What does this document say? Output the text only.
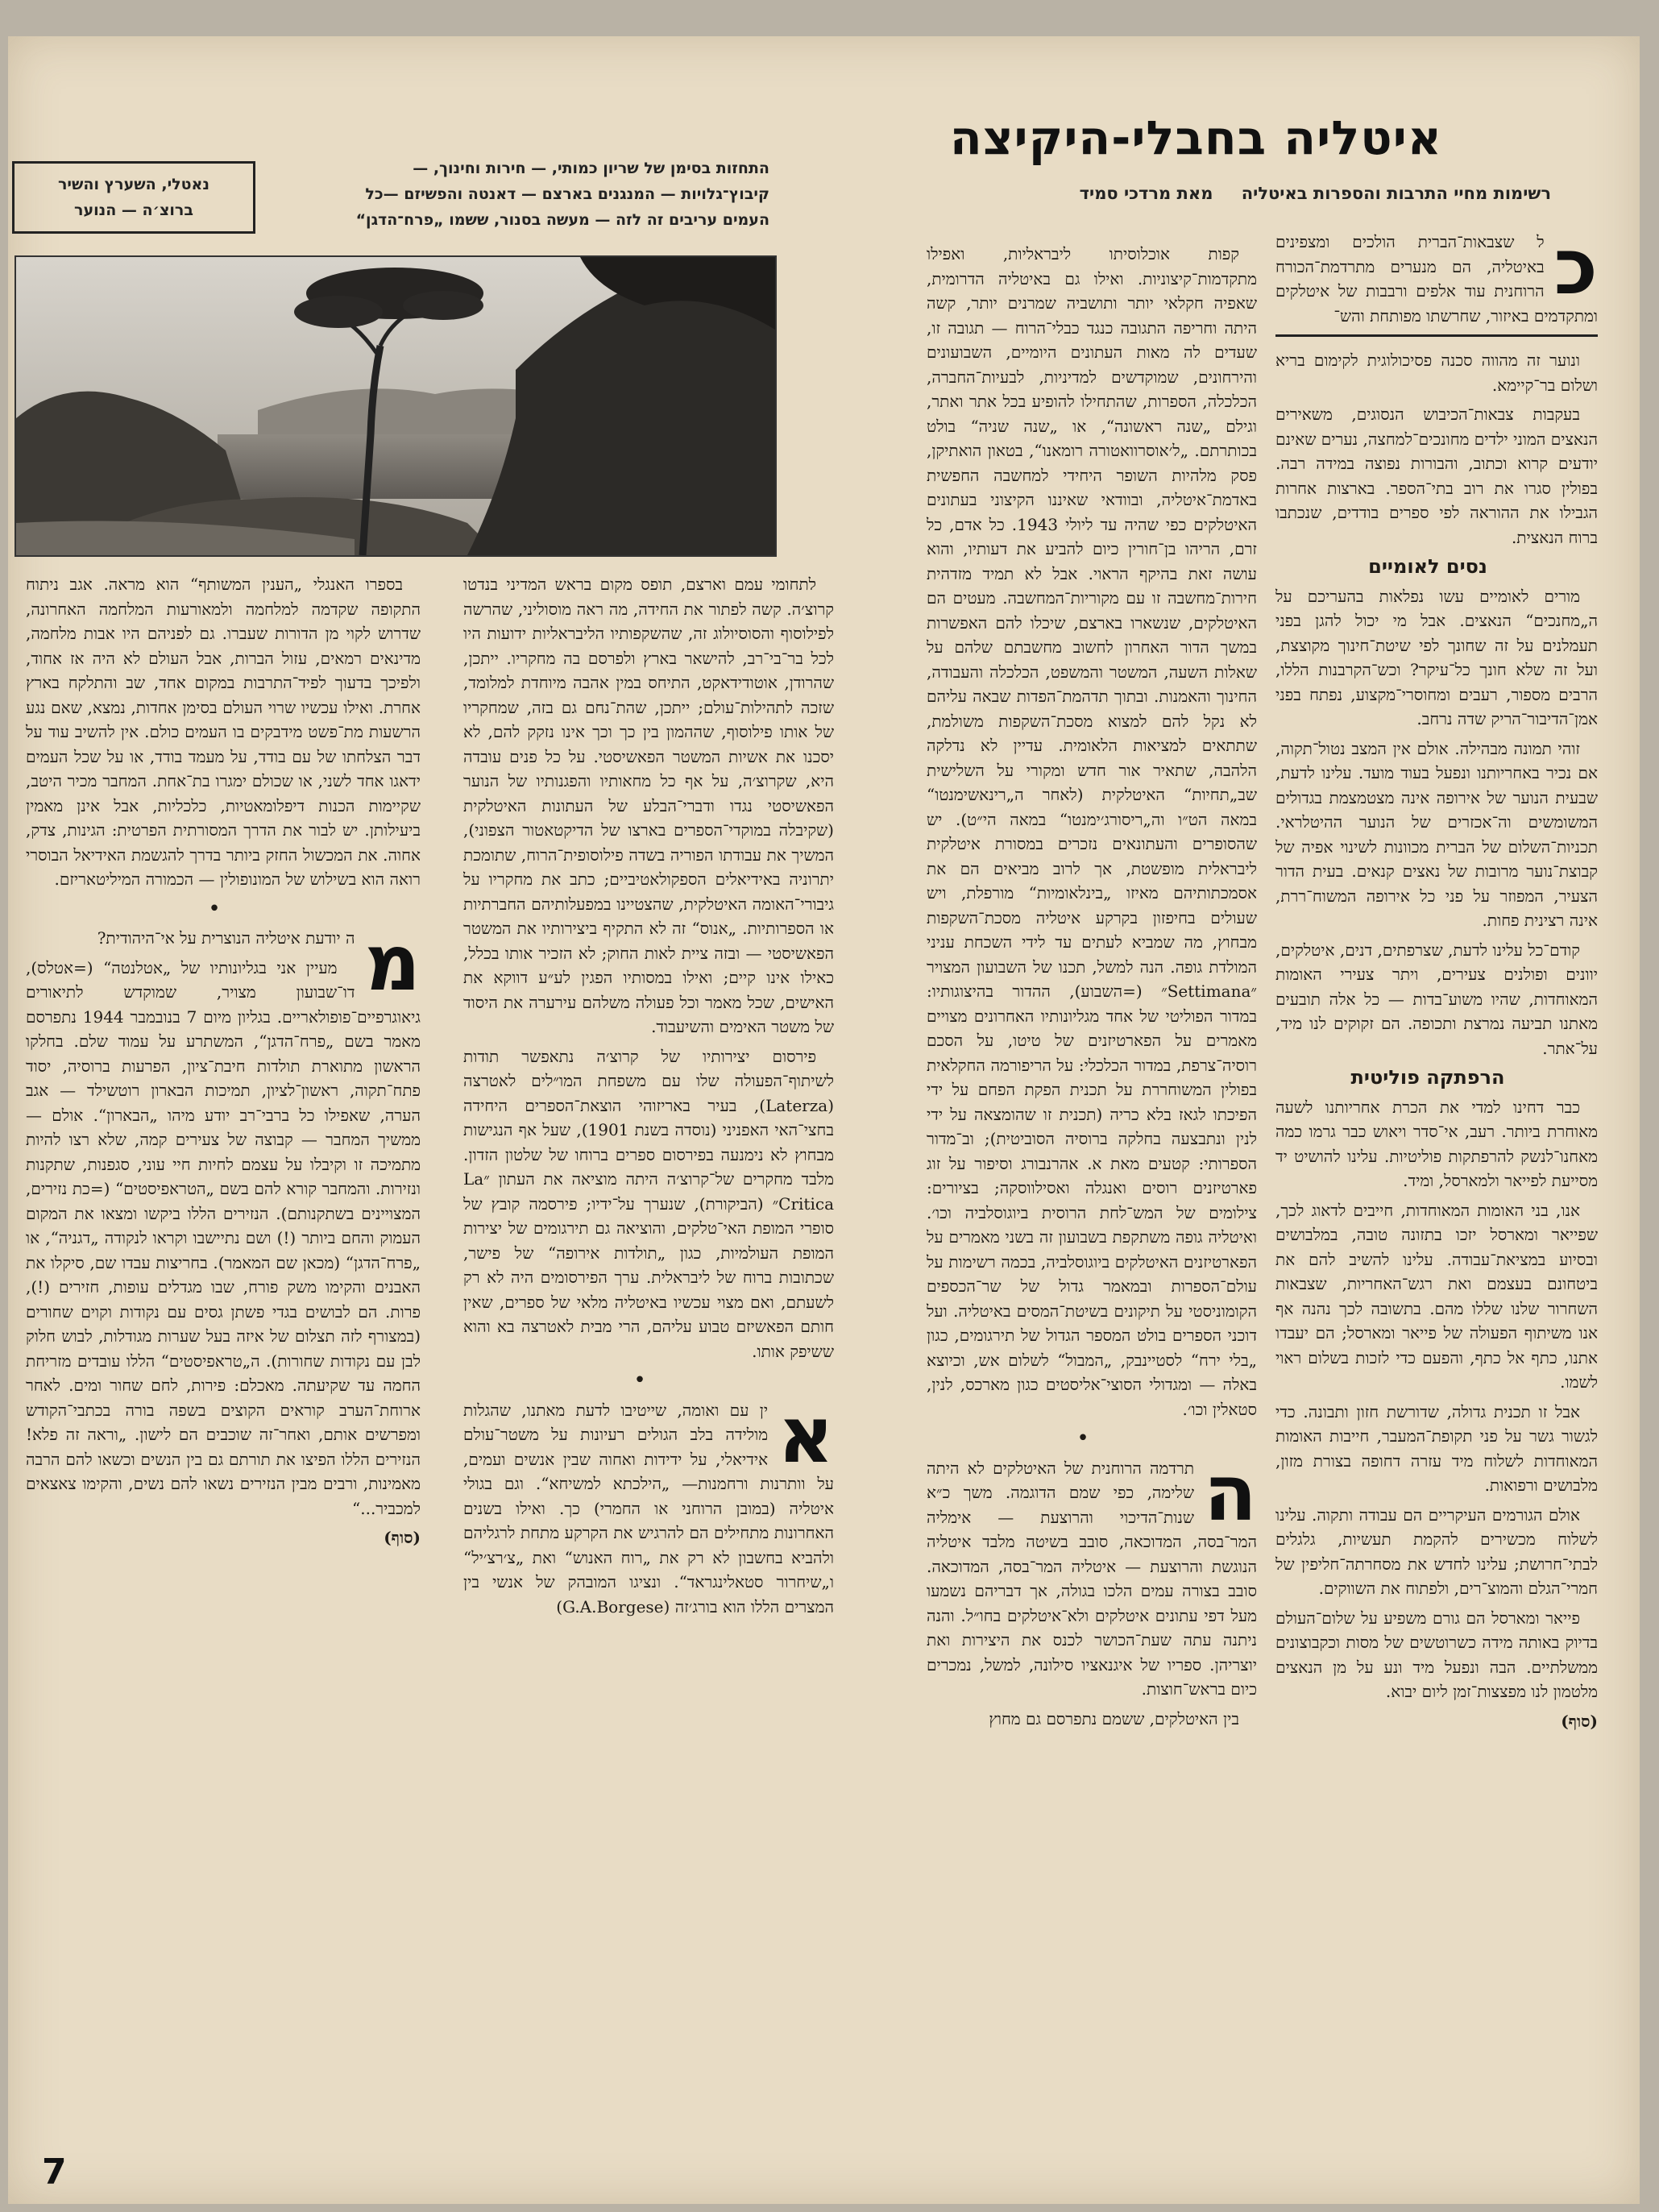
איטליה בחבלי-היקיצה
רשימות מחיי התרבות והספרות באיטליה מאת מרדכי סמיד
התחזות בסימן של שריון כמותי, — חירות וחינוך, —
קיבוץ־גלויות — המנגנים בארצם — דאנטה והפשיזם —כל
העמים עריבים זה לזה — מעשה בסנור, ששמו „פרח־הדגן“
נאטלי, השערץ והשיר
ברוצ׳ה — הנוער

כ
ל שצבאות־הברית הולכים ומצפינים באיטליה, הם מנערים מתרדמת־הכורח הרוחנית עוד אלפים ורבבות של איטלקים ומתקדמים באיזור, שחרשתו מפותחת והש־

ונוער זה מהווה סכנה פסיכולוגית לקימום בריא ושלום בר־קיימא.

בעקבות צבאות־הכיבוש הנסוגים, משאירים הנאצים המוני ילדים מחונכים־למחצה, נערים שאינם יודעים קרוא וכתוב, והבורות נפוצה במידה רבה. בפולין סגרו את רוב בתי־הספר. בארצות אחרות הגבילו את ההוראה לפי ספרים בודדים, שנכתבו ברוח הנאצית.

נסים לאומיים

מורים לאומיים עשו נפלאות בהעריכם על ה„מחנכים“ הנאצים. אבל מי יכול להגן בפני תעמלנים על זה שחונך לפי שיטת־חינוך מקוצצת, ועל זה שלא חונך כל־עיקר? וכש־הקרבנות הללו, הרבים מספור, רעבים ומחוסרי־מקצוע, נפתח בפני אמן־הדיבור־הריק שדה נרחב.

זוהי תמונה מבהילה. אולם אין המצב נטול־תקוה, אם נכיר באחריותנו ונפעל בעוד מועד. עלינו לדעת, שבעית הנוער של אירופה אינה מצטמצמת בגדולים המשומשים וה־אכזרים של הנוער ההיטלראי. תכניות־השלום של הברית מכוונות לשינוי אפיה של קבוצת־נוער מרובות של נאצים קנאים. בעית הדור הצעיר, המפוזר על פני כל אירופה המשוח־ררת, אינה רצינית פחות.

קודם־כל עלינו לדעת, שצרפתים, דנים, איטלקים, יוונים ופולנים צעירים, ויתר צעירי האומות המאוחדות, שהיו משוע־בדות — כל אלה תובעים מאתנו תביעה נמרצת ותכופה. הם זקוקים לנו מיד, על־אתר.

הרפתקה פוליטית

כבר דחינו למדי את הכרת אחריותנו לשעה מאוחרת ביותר. רעב, אי־סדר ויאוש כבר גרמו כמה מאחנו־לנשק להרפתקות פוליטיות. עלינו להושיט יד מסייעת לפייאר ולמארסל, ומיד.

אנו, בני האומות המאוחדות, חייבים לדאוג לכך, שפייאר ומארסל יזכו בתזונה טובה, במלבושים ובסיוע במציאת־עבודה. עלינו להשיב להם את ביטחונם בעצמם ואת רגש־האחריות, שצבאות השחרור שלנו שללו מהם. בתשובה לכך נהנה אף אנו משיתוף הפעולה של פייאר ומארסל; הם יעבדו אתנו, כתף אל כתף, והפעם כדי לזכות בשלום ראוי לשמו.

אבל זו תכנית גדולה, שדורשת חזון ותבונה. כדי לגשור גשר על פני תקופת־המעבר, חייבות האומות המאוחדות לשלוח מיד עזרה דחופה בצורת מזון, מלבושים ורפואות.

אולם הגורמים העיקריים הם עבודה ותקוה. עלינו לשלוח מכשירים להקמת תעשיות, גלגלים לבתי־חרושת; עלינו לחדש את מסחרתה־חליפין של חמרי־הגלם והמוצ־רים, ולפתוח את השווקים.

פייאר ומארסל הם גורם משפיע על שלום־העולם בדיוק באותה מידה כשרוטשים של מסות וכקבוצונים ממשלתיים. הבה ונפעל מיד ונע על מן הנאצים מלטמון לנו מפצצות־זמן ליום יבוא.

(סוף)

קפות אוכלוסיתו ליבראליות, ואפילו מתקדמות־קיצוניות. ואילו גם באיטליה הדרומית, שאפיה חקלאי יותר ותושביה שמרנים יותר, קשה היתה וחריפה התגובה כנגד כבלי־הרוח — תגובה זו, שעדים לה מאות העתונים היומיים, השבועונים והירחונים, שמוקדשים למדיניות, לבעיות־החברה, הכלכלה, הספרות, שהתחילו להופיע בכל אתר ואתר, וגילם „שנה ראשונה“, או „שנה שניה“ בולט בכותרתם. „ל׳אוסרוואטורה רומאנו“, בטאון הואתיקן, פסק מלהיות השופר היחידי למחשבה החפשית באדמת־איטליה, ובוודאי שאיננו הקיצוני בעתונים האיטלקים כפי שהיה עד ליולי 1943. כל אדם, כל זרם, הריהו בן־חורין כיום להביע את דעותיו, והוא עושה זאת בהיקף הראוי. אבל לא תמיד מזדהית חירות־מחשבה זו עם מקוריות־המחשבה. מעטים הם האיטלקים, שנשארו בארצם, שיכלו להם האפשרות במשך הדור האחרון לחשוב מחשבתם שלהם על שאלות השעה, המשטר והמשפט, הכלכלה והעבודה, החינוך והאמנות. ובתוך תדהמת־הפדות שבאה עליהם לא נקל להם למצוא מסכת־השקפות משולמת, שתתאים למציאות הלאומית. עדיין לא נדלקה הלהבה, שתאיר אור חדש ומקורי על השלישית שב„תחיות“ האיטלקית (לאחר ה„רינאשימנטו“ במאה הט״ו וה„ריסורג׳ימנטו“ במאה הי״ט). יש שהסופרים והעתונאים נזכרים במסורת איטלקית ליבראלית מופשטת, אך לרוב מביאים הם את אסמכתותיהם מאיזו „בינלאומיות“ מורפלת, ויש שעולים בחיפזון בקרקע איטליה מסכת־השקפות מבחוץ, מה שמביא לעתים עד לידי השכחת עניני המולדת גופה. הנה למשל, תכנו של השבועון המצויר ״Settimana״ (=השבוע), ההדור בהיצוגותיו: במדור הפוליטי של אחד מגליונותיו האחרונים מצויים מאמרים על הפארטיזנים של טיטו, על הסכם רוסיה־צרפת, במדור הכלכלי: על הריפורמה החקלאית בפולין המשוחררת על תכנית הפקת הפחם על ידי הפיכתו לגאז בלא כריה (תכנית זו שהומצאה על ידי לנין ונתבצעה בחלקה ברוסיה הסוביטית); וב־מדור הספרותי: קטעים מאת א. אהרנבורג וסיפור על זוג פארטיזנים רוסים ואנגלה ואסילווסקה; בציורים: צילומים של המש־לחת הרוסית ביוגוסלביה וכו׳. ואיטליה גופה משתקפת בשבועון זה בשני מאמרים על הפארטיזנים האיטלקים ביוגוסלביה, בכמה רשימות על עולם־הספרות ובמאמר גדול של שר־הכספים הקומוניסטי על תיקונים בשיטת־המסים באיטליה. ועל דוכני הספרים בולט המספר הגדול של תירגומים, כגון „בלי ירח“ לסטיינבק, „המבול“ לשלום אש, וכיוצא באלה — ומגדולי הסוצי־אליסטים כגון מארכס, לנין, סטאלין וכו׳.

•

ה
תרדמה הרוחנית של האיטלקים לא היתה שלימה, כפי שמם הדוגמה. משך כ״א שנות־הדיכוי והרוצעת — אימליה המר־בסה, המדוכאה, סובב בשיטה מלבד איטליה הנוגשת והרוצעת — איטליה המר־בסה, המדוכאה. סובב בצורה עמים הלכו בגולה, אך דבריהם נשמעו מעל דפי עתונים איטלקים ולא־איטלקים בחו״ל. והנה ניתנה עתה שעת־הכושר לכנס את היצירות ואת יוצריהן. ספריו של איגנאציו סילונה, למשל, נמכרים כיום בראש־חוצות.

בין האיטלקים, ששמם נתפרסם גם מחוץ

לתחומי עמם וארצם, תופס מקום בראש המדיני בנדטו קרוצ׳ה. קשה לפתור את החידה, מה ראה מוסוליני, שהרשה לפילוסוף והסוסיולוג זה, שהשקפותיו הליבראליות ידועות היו לכל בר־בי־רב, להישאר בארץ ולפרסם בה מחקריו. ייתכן, שהרודן, אוטודידאקט, התיחס במין אהבה מיוחדת למלומד, שזכה לתהילות־עולם; ייתכן, שהת־נחם גם בזה, שמחקריו של אותו פילוסוף, שההמון בין כך וכך אינו נזקק להם, לא יסכנו את אשיות המשטר הפאשיסטי. על כל פנים עובדה היא, שקרוצ׳ה, על אף כל מחאותיו והפגנותיו של הנוער הפאשיסטי נגדו ודברי־הבלע של העתונות האיטלקית (שקיבלה במוקדי־הספרים בארצו של הדיקטאטור הצפוני), המשיך את עבודתו הפוריה בשדה פילוסופית־הרוח, שתומכת יתרוניה באידיאלים הספקולאטיביים; כתב את מחקריו על גיבורי־האומה האיטלקית, שהצטיינו במפעלותיהם החברתיות או הספרותיות. „אנוס“ זה לא התקיף ביצירותיו את המשטר הפאשיסטי — ובזה ציית לאות החוק; לא הזכיר אותו בכלל, כאילו אינו קיים; ואילו במסותיו הפגין לע״ע דווקא את האישים, שכל מאמר וכל פעולה משלהם עירערה את היסוד של משטר האימים והשיעבוד.

פירסום יצירותיו של קרוצ׳ה נתאפשר תודות לשיתוף־הפעולה שלו עם משפחת המו״לים לאטרצה (Laterza), בעיר באריזוהי הוצאת־הספרים היחידה בחצי־האי האפניני (נוסדה בשנת 1901), שעל אף הנגישות מבחוץ לא נימנעה בפירסום ספרים ברוחו של שלטון הזדון. מלבד מחקרים של־קרוצ׳ה היתה מוציאה את העתון ״La Critica״ (הביקורת), שנערך על־ידיו; פירסמה קובץ של סופרי המופת האי־טלקים, והוציאה גם תירגומים של יצירות המופת העולמיות, כגון „תולדות אירופה“ של פישר, שכתובות ברוח של ליבראלית. ערך הפירסומים היה לא רק לשעתם, ואם מצוי עכשיו באיטליה מלאי של ספרים, שאין חותם הפאשיזם טבוע עליהם, הרי מבית לאטרצה בא והוא ששיפק אותו.

•

א
ין עם ואומה, שייטיבו לדעת מאתנו, שהגלות מולידה בלב הגולים רעיונות על משטר־עולם אידיאלי, על ידידות ואחוה שבין אנשים ועמים, על וותרנות ורחמנות— „הילכתא למשיחא“. וגם בגולי איטליה (במובן הרוחני או החמרי) כך. ואילו בשנים האחרונות מתחילים הם להרגיש את הקרקע מתחת לרגליהם ולהביא בחשבון לא רק את „רוח האנוש“ ואת „צ׳רצ׳יל“ ו„שיחרור סטאלינגראד“. ונציגו המובהק של אנשי בין המצרים הללו הוא בורג׳זה (G.A.Borgese)

בספרו האנגלי „הענין המשותף“ הוא מראה. אגב ניתוח התקופה שקדמה למלחמה ולמאורעות המלחמה האחרונה, שדרוש לקוי מן הדורות שעברו. גם לפניהם היו אבות מלחמה, מדינאים רמאים, עזול הברות, אבל העולם לא היה אז אחוד, ולפיכך בדעוך לפיד־התרבות במקום אחד, שב והתלקח בארץ אחרת. ואילו עכשיו שרוי העולם בסימן אחדות, נמצא, שאם נגע הרשעות מת־פשט מידבקים בו העמים כולם. אין להשיב עוד על דבר הצלחתו של עם בודד, על מעמד בודד, או על שכל העמים ידאגו אחד לשני, או שכולם ימגרו בת־אחת. המחבר מכיר היטב, שקיימות הכנות דיפלומאטיות, כלכליות, אבל אינן מאמין ביעילותן. יש לבור את הדרך המסורתית הפרטית: הגינות, צדק, אחוה. את המכשול החזק ביותר בדרך להגשמת האידיאל הבוסרי רואה הוא בשילוש של המונופולין — הכמורה המיליטאריזם.

•

מ
ה יודעת איטליה הנוצרית על אי־היהודית?

מעיין אני בגליונותיו של „אטלנטה“ (=אטלס), דו־שבועון מצויר, שמוקדש לתיאורים גיאוגרפיים־פופולאריים. בגליון מיום 7 בנובמבר 1944 נתפרסם מאמר בשם „פרח־הדגן“, המשתרע על עמוד שלם. בחלקו הראשון מתוארת תולדות חיבת־ציון, הפרעות ברוסיה, יסוד פתח־תקוה, ראשון־לציון, תמיכות הבארון רוטשילד — אגב הערה, שאפילו כל ברבי־רב יודע מיהו „הבארון“. אולם — ממשיך המחבר — קבוצה של צעירים קמה, שלא רצו להיות מתמיכה זו וקיבלו על עצמם לחיות חיי עוני, סגפנות, שתקנות ונזירות. והמחבר קורא להם בשם „הטראפיסטים“ (=כת נזירים, המצויינים בשתקנותם). הנזירים הללו ביקשו ומצאו את המקום העמוק והחם ביותר (!) ושם נתיישבו וקראו לנקודה „דגניה“, או „פרח־הדגן“ (מכאן שם המאמר). בחריצות עבדו שם, סיקלו את האבנים והקימו משק פורח, שבו מגדלים עופות, חזירים (!), פרות. הם לבושים בגדי פשתן גסים עם נקודות וקוים שחורים (במצורף לזה תצלום של איזה בעל שערות מגודלות, לבוש חלוק לבן עם נקודות שחורות). ה„טראפיסטים“ הללו עובדים מזריחת החמה עד שקיעתה. מאכלם: פירות, לחם שחור ומים. לאחר ארוחת־הערב קוראים הקוצים בשפה בורה בכתבי־הקודש ומפרשים אותם, ואחר־זה שוכבים הם לישון. „וראה זה פלא! הנזירים הללו הפיצו את תורתם גם בין הנשים וכשאו להם הרבה מאמינות, ורבים מבין הנזירים נשאו להם נשים, והקימו צאצאים למכביר...“

(סוף)

7
